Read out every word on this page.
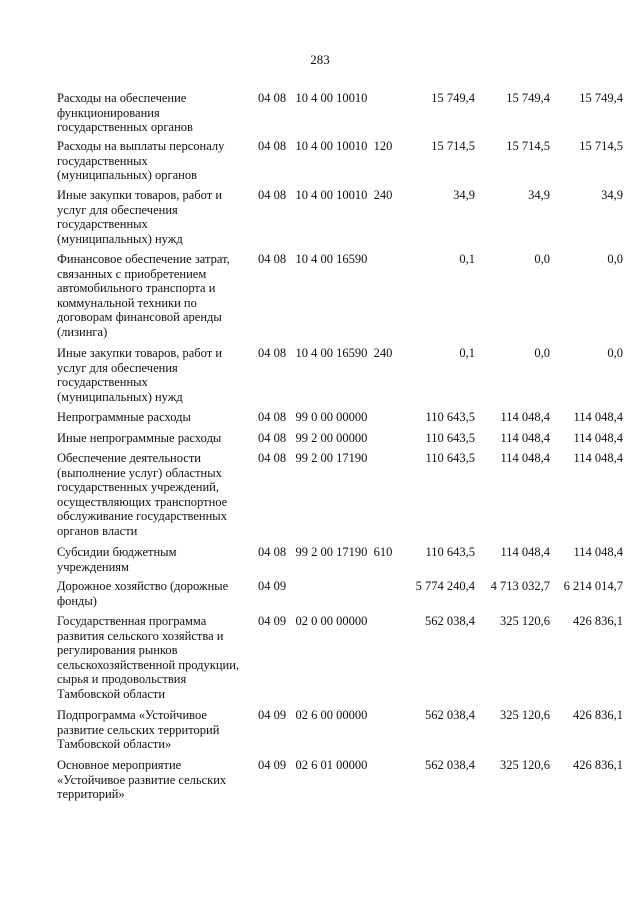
283
Расходы на обеспечение
функционирования
государственных органов
04 08   10 4 00 10010	15 749,4	15 749,4	15 749,4
Расходы на выплаты персоналу
государственных
(муниципальных) органов
04 08   10 4 00 10010  120	15 714,5	15 714,5	15 714,5
Иные закупки товаров, работ и
услуг для обеспечения
государственных
(муниципальных) нужд
04 08   10 4 00 10010  240	34,9	34,9	34,9
Финансовое обеспечение затрат,
связанных с приобретением
автомобильного транспорта и
коммунальной техники по
договорам финансовой аренды
(лизинга)
04 08   10 4 00 16590	0,1	0,0	0,0
Иные закупки товаров, работ и
услуг для обеспечения
государственных
(муниципальных) нужд
04 08   10 4 00 16590  240	0,1	0,0	0,0
Непрограммные расходы	04 08   99 0 00 00000	110 643,5	114 048,4	114 048,4
Иные непрограммные расходы	04 08   99 2 00 00000	110 643,5	114 048,4	114 048,4
Обеспечение деятельности
(выполнение услуг) областных
государственных учреждений,
осуществляющих транспортное
обслуживание государственных
органов власти
04 08   99 2 00 17190	110 643,5	114 048,4	114 048,4
Субсидии бюджетным
учреждениям
04 08   99 2 00 17190  610	110 643,5	114 048,4	114 048,4
Дорожное хозяйство (дорожные
фонды)
04 09	5 774 240,4	4 713 032,7	6 214 014,7
Государственная программа
развития сельского хозяйства и
регулирования рынков
сельскохозяйственной продукции,
сырья и продовольствия
Тамбовской области
04 09   02 0 00 00000	562 038,4	325 120,6	426 836,1
Подпрограмма «Устойчивое
развитие сельских территорий
Тамбовской области»
04 09   02 6 00 00000	562 038,4	325 120,6	426 836,1
Основное мероприятие
«Устойчивое развитие сельских
территорий»
04 09   02 6 01 00000	562 038,4	325 120,6	426 836,1
